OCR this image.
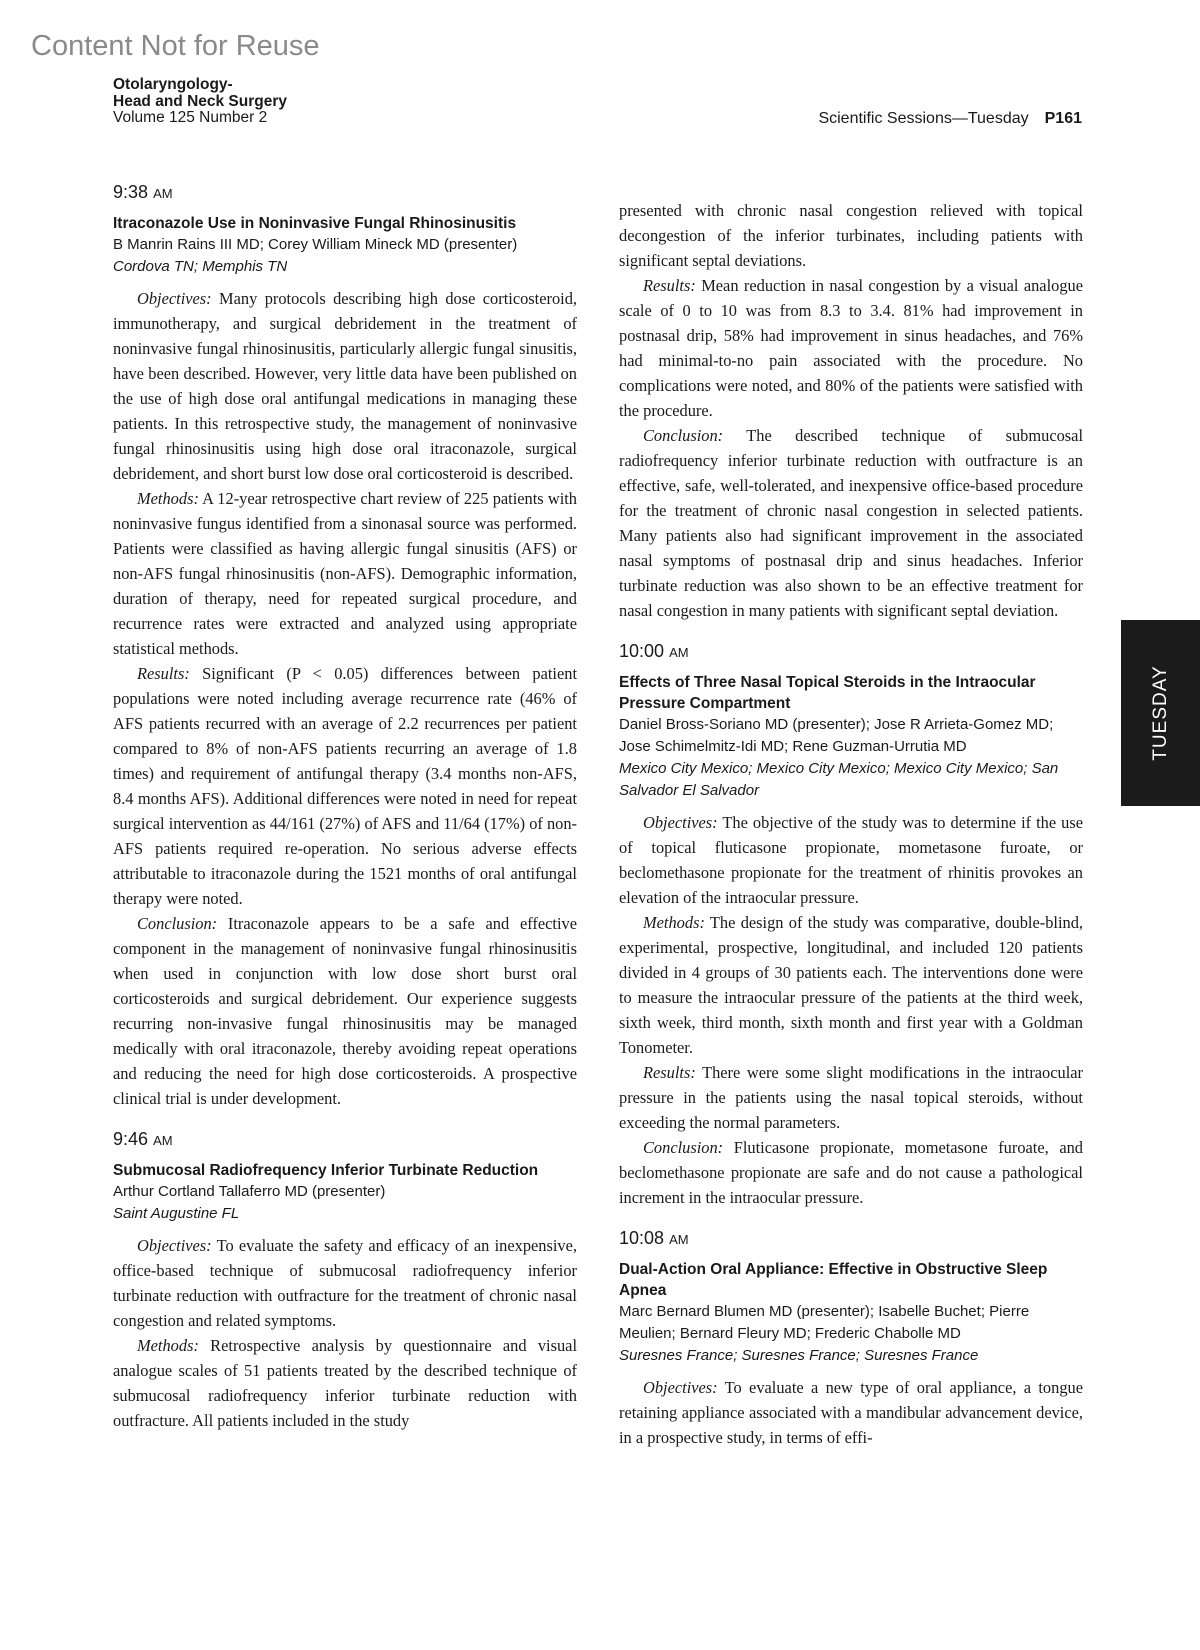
Content Not for Reuse
Otolaryngology-
Head and Neck Surgery
Volume 125 Number 2	Scientific Sessions—Tuesday P161
TUESDAY
9:38 AM
Itraconazole Use in Noninvasive Fungal Rhinosinusitis
B Manrin Rains III MD; Corey William Mineck MD (presenter)
Cordova TN; Memphis TN

Objectives: Many protocols describing high dose corticosteroid, immunotherapy, and surgical debridement in the treatment of noninvasive fungal rhinosinusitis, particularly allergic fungal sinusitis, have been described. However, very little data have been published on the use of high dose oral antifungal medications in managing these patients. In this retrospective study, the management of noninvasive fungal rhinosinusitis using high dose oral itraconazole, surgical debridement, and short burst low dose oral corticosteroid is described.

Methods: A 12-year retrospective chart review of 225 patients with noninvasive fungus identified from a sinonasal source was performed. Patients were classified as having allergic fungal sinusitis (AFS) or non-AFS fungal rhinosinusitis (non-AFS). Demographic information, duration of therapy, need for repeated surgical procedure, and recurrence rates were extracted and analyzed using appropriate statistical methods.

Results: Significant (P < 0.05) differences between patient populations were noted including average recurrence rate (46% of AFS patients recurred with an average of 2.2 recurrences per patient compared to 8% of non-AFS patients recurring an average of 1.8 times) and requirement of antifungal therapy (3.4 months non-AFS, 8.4 months AFS). Additional differences were noted in need for repeat surgical intervention as 44/161 (27%) of AFS and 11/64 (17%) of non-AFS patients required re-operation. No serious adverse effects attributable to itraconazole during the 1521 months of oral antifungal therapy were noted.

Conclusion: Itraconazole appears to be a safe and effective component in the management of noninvasive fungal rhinosinusitis when used in conjunction with low dose short burst oral corticosteroids and surgical debridement. Our experience suggests recurring non-invasive fungal rhinosinusitis may be managed medically with oral itraconazole, thereby avoiding repeat operations and reducing the need for high dose corticosteroids. A prospective clinical trial is under development.

9:46 AM
Submucosal Radiofrequency Inferior Turbinate Reduction
Arthur Cortland Tallaferro MD (presenter)
Saint Augustine FL

Objectives: To evaluate the safety and efficacy of an inexpensive, office-based technique of submucosal radiofrequency inferior turbinate reduction with outfracture for the treatment of chronic nasal congestion and related symptoms.

Methods: Retrospective analysis by questionnaire and visual analogue scales of 51 patients treated by the described technique of submucosal radiofrequency inferior turbinate reduction with outfracture. All patients included in the study

presented with chronic nasal congestion relieved with topical decongestion of the inferior turbinates, including patients with significant septal deviations.

Results: Mean reduction in nasal congestion by a visual analogue scale of 0 to 10 was from 8.3 to 3.4. 81% had improvement in postnasal drip, 58% had improvement in sinus headaches, and 76% had minimal-to-no pain associated with the procedure. No complications were noted, and 80% of the patients were satisfied with the procedure.

Conclusion: The described technique of submucosal radiofrequency inferior turbinate reduction with outfracture is an effective, safe, well-tolerated, and inexpensive office-based procedure for the treatment of chronic nasal congestion in selected patients. Many patients also had significant improvement in the associated nasal symptoms of postnasal drip and sinus headaches. Inferior turbinate reduction was also shown to be an effective treatment for nasal congestion in many patients with significant septal deviation.

10:00 AM
Effects of Three Nasal Topical Steroids in the Intraocular Pressure Compartment
Daniel Bross-Soriano MD (presenter); Jose R Arrieta-Gomez MD; Jose Schimelmitz-Idi MD; Rene Guzman-Urrutia MD
Mexico City Mexico; Mexico City Mexico; Mexico City Mexico; San Salvador El Salvador

Objectives: The objective of the study was to determine if the use of topical fluticasone propionate, mometasone furoate, or beclomethasone propionate for the treatment of rhinitis provokes an elevation of the intraocular pressure.

Methods: The design of the study was comparative, double-blind, experimental, prospective, longitudinal, and included 120 patients divided in 4 groups of 30 patients each. The interventions done were to measure the intraocular pressure of the patients at the third week, sixth week, third month, sixth month and first year with a Goldman Tonometer.

Results: There were some slight modifications in the intraocular pressure in the patients using the nasal topical steroids, without exceeding the normal parameters.

Conclusion: Fluticasone propionate, mometasone furoate, and beclomethasone propionate are safe and do not cause a pathological increment in the intraocular pressure.

10:08 AM
Dual-Action Oral Appliance: Effective in Obstructive Sleep Apnea
Marc Bernard Blumen MD (presenter); Isabelle Buchet; Pierre Meulien; Bernard Fleury MD; Frederic Chabolle MD
Suresnes France; Suresnes France; Suresnes France

Objectives: To evaluate a new type of oral appliance, a tongue retaining appliance associated with a mandibular advancement device, in a prospective study, in terms of effi-
